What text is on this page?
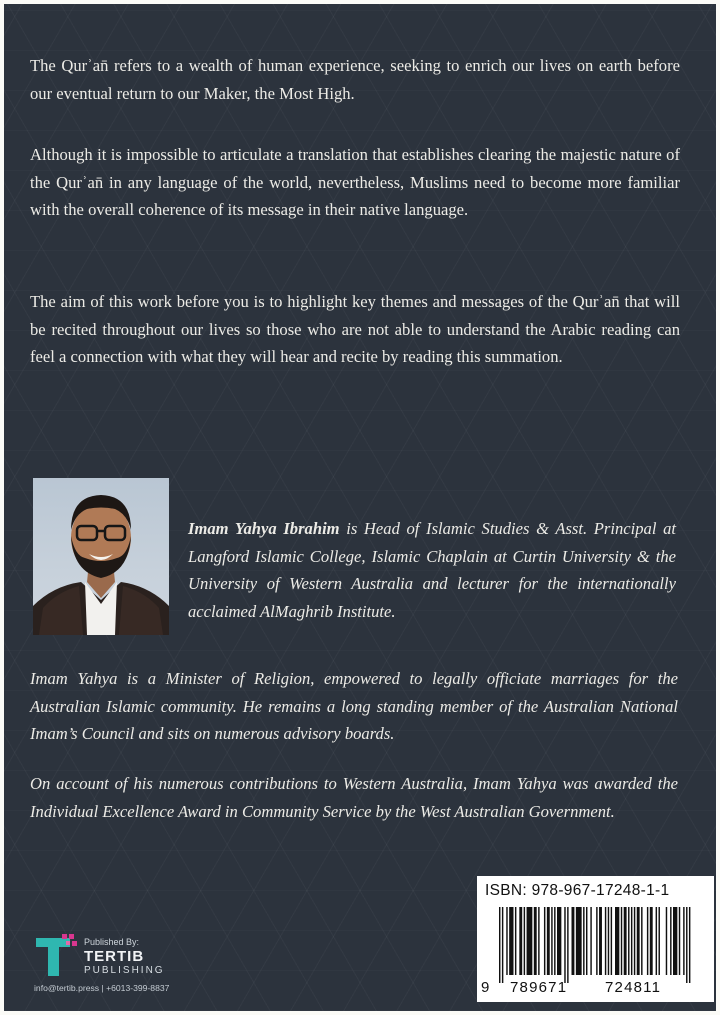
The Qurʾan̄ refers to a wealth of human experience, seeking to enrich our lives on earth before our eventual return to our Maker, the Most High.

Although it is impossible to articulate a translation that establishes clearing the majestic nature of the Qurʾan̄ in any language of the world, nevertheless, Muslims need to become more familiar with the overall coherence of its message in their native language.

The aim of this work before you is to highlight key themes and messages of the Qurʾan̄ that will be recited throughout our lives so those who are not able to understand the Arabic reading can feel a connection with what they will hear and recite by reading this summation.

Imam Yahya Ibrahim is Head of Islamic Studies & Asst. Principal at Langford Islamic College, Islamic Chaplain at Curtin University & the University of Western Australia and lecturer for the internationally acclaimed AlMaghrib Institute.

Imam Yahya is a Minister of Religion, empowered to legally officiate marriages for the Australian Islamic community. He remains a long standing member of the Australian National Imam’s Council and sits on numerous advisory boards.

On account of his numerous contributions to Western Australia, Imam Yahya was awarded the Individual Excellence Award in Community Service by the West Australian Government.

Published By:
TERTIB
PUBLISHING
info@tertib.press | +6013-399-8837
ISBN: 978-967-17248-1-1
9 789671	724811
